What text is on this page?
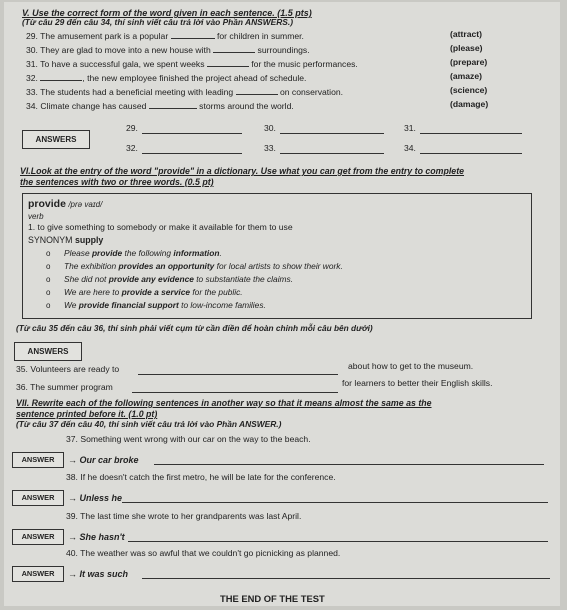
V. Use the correct form of the word given in each sentence. (1.5 pts)
(Từ câu 29 đến câu 34, thí sinh viết câu trả lời vào Phần ANSWERS.)
29. The amusement park is a popular	for children in summer.	(attract)
30. They are glad to move into a new house with	surroundings.	(please)
31. To have a successful gala, we spent weeks	for the music performances.	(prepare)
32.	, the new employee finished the project ahead of schedule.	(amaze)
33. The students had a beneficial meeting with leading	on conservation.	(science)
34. Climate change has caused	storms around the world.	(damage)
ANSWERS
29.	30.	31.
32.	33.	34.
VI.Look at the entry of the word "provide" in a dictionary. Use what you can get from the entry to complete
the sentences with two or three words. (0.5 pt)
provide /prə vaɪd/
verb
1. to give something to somebody or make it available for them to use
SYNONYM supply
o Please provide the following information.
o The exhibition provides an opportunity for local artists to show their work.
o She did not provide any evidence to substantiate the claims.
o We are here to provide a service for the public.
o We provide financial support to low-income families.
(Từ câu 35 đến câu 36, thí sinh phải viết cụm từ cần điền để hoàn chỉnh mỗi câu bên dưới)
ANSWERS
35. Volunteers are ready to	about how to get to the museum.
36. The summer program	for learners to better their English skills.
VII. Rewrite each of the following sentences in another way so that it means almost the same as the
sentence printed before it. (1.0 pt)
(Từ câu 37 đến câu 40, thí sinh viết câu trả lời vào Phần ANSWER.)
37. Something went wrong with our car on the way to the beach.
ANSWER	→ Our car broke
38. If he doesn't catch the first metro, he will be late for the conference.
ANSWER	→ Unless he
39. The last time she wrote to her grandparents was last April.
ANSWER	→ She hasn't
40. The weather was so awful that we couldn't go picnicking as planned.
ANSWER	→ It was such
THE END OF THE TEST
